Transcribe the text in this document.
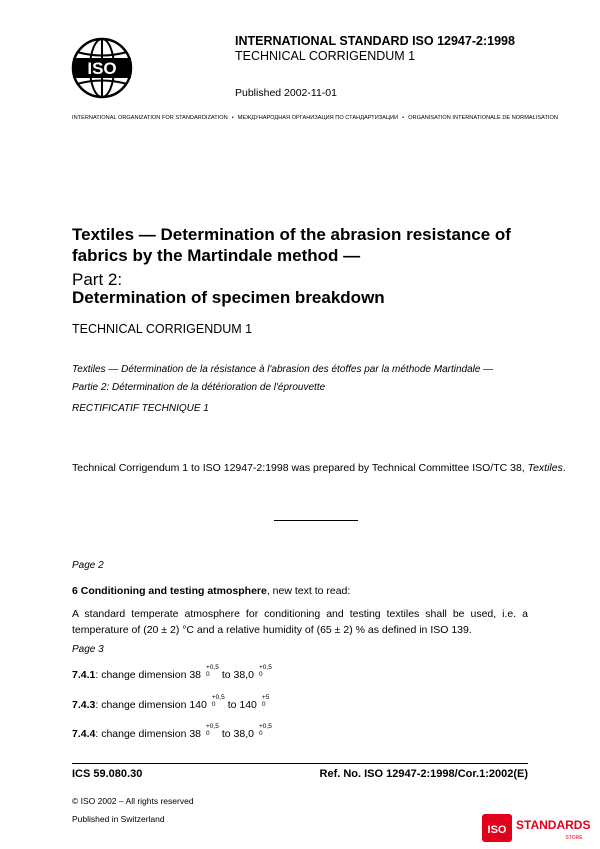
ISO
INTERNATIONAL STANDARD ISO 12947-2:1998
TECHNICAL CORRIGENDUM 1
Published 2002-11-01
INTERNATIONAL ORGANIZATION FOR STANDARDIZATION • МЕЖДУНАРОДНАЯ ОРГАНИЗАЦИЯ ПО СТАНДАРТИЗАЦИИ • ORGANISATION INTERNATIONALE DE NORMALISATION
Textiles — Determination of the abrasion resistance of fabrics by the Martindale method —
Part 2:
Determination of specimen breakdown
TECHNICAL CORRIGENDUM 1
Textiles — Détermination de la résistance à l'abrasion des étoffes par la méthode Martindale —
Partie 2: Détermination de la détérioration de l'éprouvette
RECTIFICATIF TECHNIQUE 1
Technical Corrigendum 1 to ISO 12947-2:1998 was prepared by Technical Committee ISO/TC 38, Textiles.
Page 2
6 Conditioning and testing atmosphere, new text to read:
A standard temperate atmosphere for conditioning and testing textiles shall be used, i.e. a temperature of (20 ± 2) °C and a relative humidity of (65 ± 2) % as defined in ISO 139.
Page 3
7.4.1: change dimension 38
+0,5
0	to 38,0
+0,5
0
7.4.3: change dimension 140
+0,5
0	to 140
+5
0
7.4.4: change dimension 38
+0,5
0	to 38,0
+0,5
0
ICS 59.080.30	Ref. No. ISO 12947-2:1998/Cor.1:2002(E)
© ISO 2002 – All rights reserved
Published in Switzerland
ISO STANDARDS
STORE
